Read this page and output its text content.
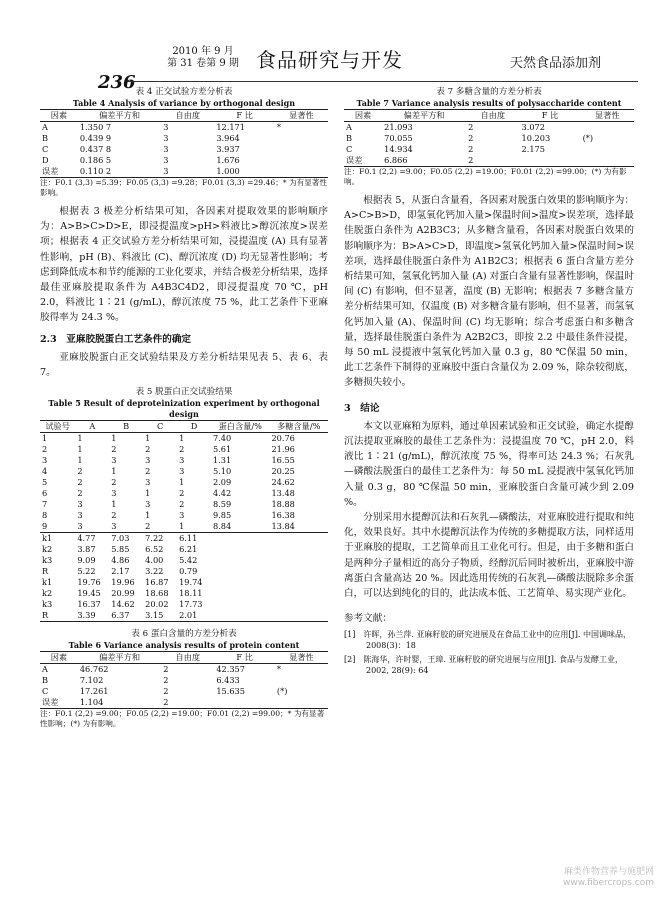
2010 年 9 月
第 31 卷第 9 期 食品研究与开发	天然食品添加剂
236 表 4 正交试验方差分析表
Table 4 Analysis of variance by orthogonal design
因素	偏差平方和	自由度	F 比	显著性
A	1.350 7	3	12.171	*
B	0.439 9	3	3.964	
C	0.437 8	3	3.937	
D	0.186 5	3	1.676	
误差	0.110 2	3	1.000	
注：F0.1 (3,3) =5.39；F0.05 (3,3) =9.28；F0.01 (3,3) =29.46；* 为有显著性影响。

根据表 3 极差分析结果可知，各因素对提取效果的影响顺序为：A>B>C>D>E，即浸提温度>pH>料液比>醇沉浓度>误差项；根据表 4 正交试验方差分析结果可知，浸提温度 (A) 具有显著性影响，pH (B)、料液比 (C)、醇沉浓度 (D) 均无显著性影响；考虑到降低成本和节约能源的工业化要求，并结合极差分析结果，选择最佳亚麻胶提取条件为 A4B3C4D2，即浸提温度 70 ℃，pH 2.0，料液比 1∶21 (g/mL)，醇沉浓度 75 %，此工艺条件下亚麻胶得率为 24.3 %。

2.3　亚麻胶脱蛋白工艺条件的确定

亚麻胶脱蛋白正交试验结果及方差分析结果见表 5、表 6、表 7。

表 5 脱蛋白正交试验结果
Table 5 Result of deproteinization experiment by orthogonal design
试验号	A	B	C	D	蛋白含量/%	多糖含量/%
1	1	1	1	1	7.40	20.76
2	1	2	2	2	5.61	21.96
3	1	3	3	3	1.31	16.55
4	2	1	2	3	5.10	20.25
5	2	2	3	1	2.09	24.62
6	2	3	1	2	4.42	13.48
7	3	1	3	2	8.59	18.88
8	3	2	1	3	9.85	16.38
9	3	3	2	1	8.84	13.84
k1	4.77	7.03	7.22	6.11		
k2	3.87	5.85	6.52	6.21		
k3	9.09	4.86	4.00	5.42		
R	5.22	2.17	3.22	0.79		
k1	19.76	19.96	16.87	19.74		
k2	19.45	20.99	18.68	18.11		
k3	16.37	14.62	20.02	17.73		
R	3.39	6.37	3.15	2.01		
表 6 蛋白含量的方差分析表
Table 6 Variance analysis results of protein content
因素	偏差平方和	自由度	F 比	显著性
A	46.762	2	42.357	*
B	7.102	2	6.433	
C	17.261	2	15.635	(*)
误差	1.104	2		
注：F0.1 (2,2) =9.00；F0.05 (2,2) =19.00；F0.01 (2,2) =99.00；* 为有显著性影响；(*) 为有影响。
表 7 多糖含量的方差分析表
Table 7 Variance analysis results of polysaccharide content
因素	偏差平方和	自由度	F 比	显著性
A	21.093	2	3.072	
B	70.055	2	10.203	(*)
C	14.934	2	2.175	
误差	6.866	2		
注：F0.1 (2,2) =9.00；F0.05 (2,2) =19.00；F0.01 (2,2) =99.00；(*) 为有影响。

根据表 5，从蛋白含量看，各因素对脱蛋白效果的影响顺序为：A>C>B>D，即氢氧化钙加入量>保温时间>温度>误差项，选择最佳脱蛋白条件为 A2B3C3；从多糖含量看，各因素对脱蛋白效果的影响顺序为：B>A>C>D，即温度>氢氧化钙加入量>保温时间>误差项，选择最佳脱蛋白条件为 A1B2C3；根据表 6 蛋白含量方差分析结果可知，氢氧化钙加入量 (A) 对蛋白含量有显著性影响，保温时间 (C) 有影响，但不显著，温度 (B) 无影响；根据表 7 多糖含量方差分析结果可知，仅温度 (B) 对多糖含量有影响，但不显著，而氢氧化钙加入量 (A)、保温时间 (C) 均无影响；综合考虑蛋白和多糖含量，选择最佳脱蛋白条件为 A2B2C3，即按 2.2 中最佳条件浸提，每 50 mL 浸提液中氢氧化钙加入量 0.3 g，80 ℃保温 50 min，此工艺条件下制得的亚麻胶中蛋白含量仅为 2.09 %，除杂较彻底，多糖损失较小。

3　结论

本文以亚麻粕为原料，通过单因素试验和正交试验，确定水提醇沉法提取亚麻胶的最佳工艺条件为：浸提温度 70 ℃，pH 2.0，料液比 1∶21 (g/mL)，醇沉浓度 75 %，得率可达 24.3 %；石灰乳—磷酸法脱蛋白的最佳工艺条件为：每 50 mL 浸提液中氢氧化钙加入量 0.3 g，80 ℃保温 50 min，亚麻胶蛋白含量可减少到 2.09 %。

分别采用水提醇沉法和石灰乳—磷酸法，对亚麻胶进行提取和纯化，效果良好。其中水提醇沉法作为传统的多糖提取方法，同样适用于亚麻胶的提取，工艺简单而且工业化可行。但是，由于多糖和蛋白是两种分子量相近的高分子物质，经醇沉后同时被析出，亚麻胶中游离蛋白含量高达 20 %。因此选用传统的石灰乳—磷酸法脱除多余蛋白，可以达到纯化的目的，此法成本低、工艺简单、易实现产业化。

参考文献：
[1]　许晖，孙兰萍. 亚麻籽胶的研究进展及在食品工业中的应用[J]. 中国调味品，2008(3)：18
[2]　陈海华，许时婴，王璋. 亚麻籽胶的研究进展与应用[J]. 食品与发酵工业，2002, 28(9): 64
麻类作物营养与施肥网
www.fibercrops.com
